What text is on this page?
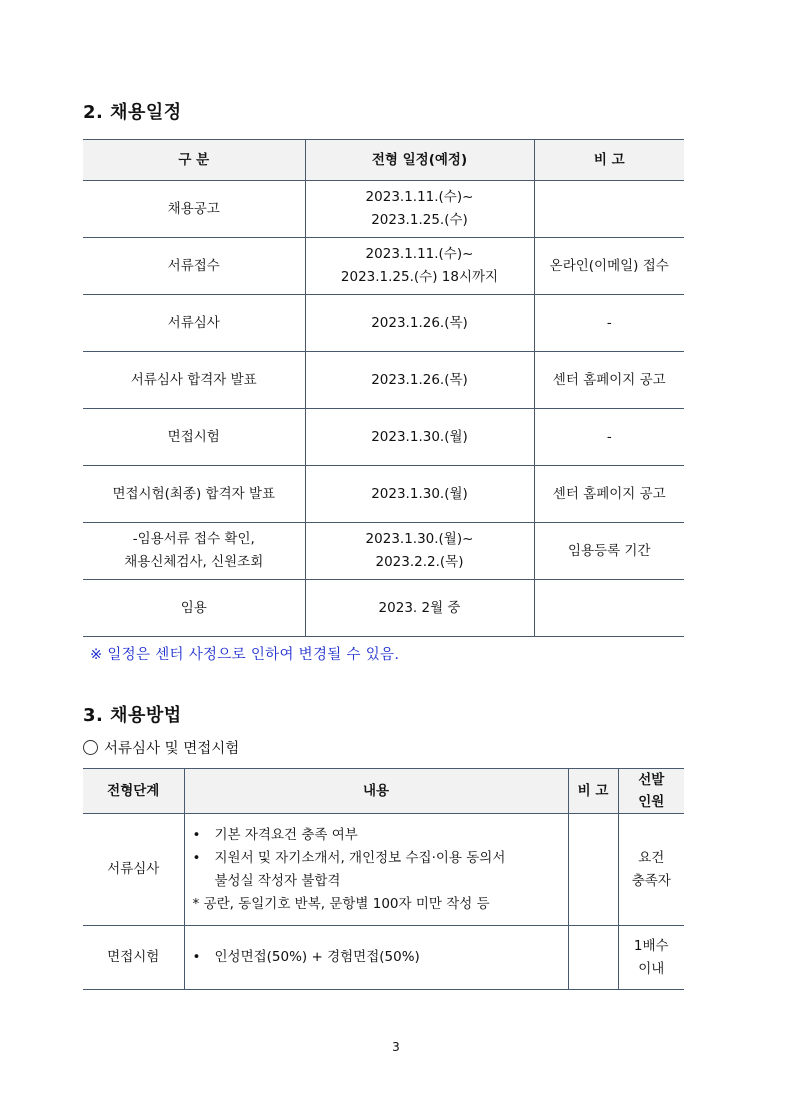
2. 채용일정
구 분	전형 일정(예정)	비 고

채용공고	2023.1.11.(수)~
2023.1.25.(수)	

서류접수	2023.1.11.(수)~
2023.1.25.(수) 18시까지	온라인(이메일) 접수

서류심사	2023.1.26.(목)	-

서류심사 합격자 발표	2023.1.26.(목)	센터 홈페이지 공고

면접시험	2023.1.30.(월)	-

면접시험(최종) 합격자 발표	2023.1.30.(월)	센터 홈페이지 공고

-임용서류 접수 확인,
채용신체검사, 신원조회	2023.1.30.(월)~
2023.2.2.(목)	임용등록 기간

임용	2023. 2월 중	

※ 일정은 센터 사정으로 인하여 변경될 수 있음.
3. 채용방법
서류심사 및 면접시험
전형단계	내용	비 고	선발
인원
서류심사	• 기본 자격요건 충족 여부
• 지원서 및 자기소개서, 개인정보 수집·이용 동의서
불성실 작성자 불합격
* 공란, 동일기호 반복, 문항별 100자 미만 작성 등		요건
충족자
면접시험	• 인성면접(50%) + 경험면접(50%)		1배수
이내
3
